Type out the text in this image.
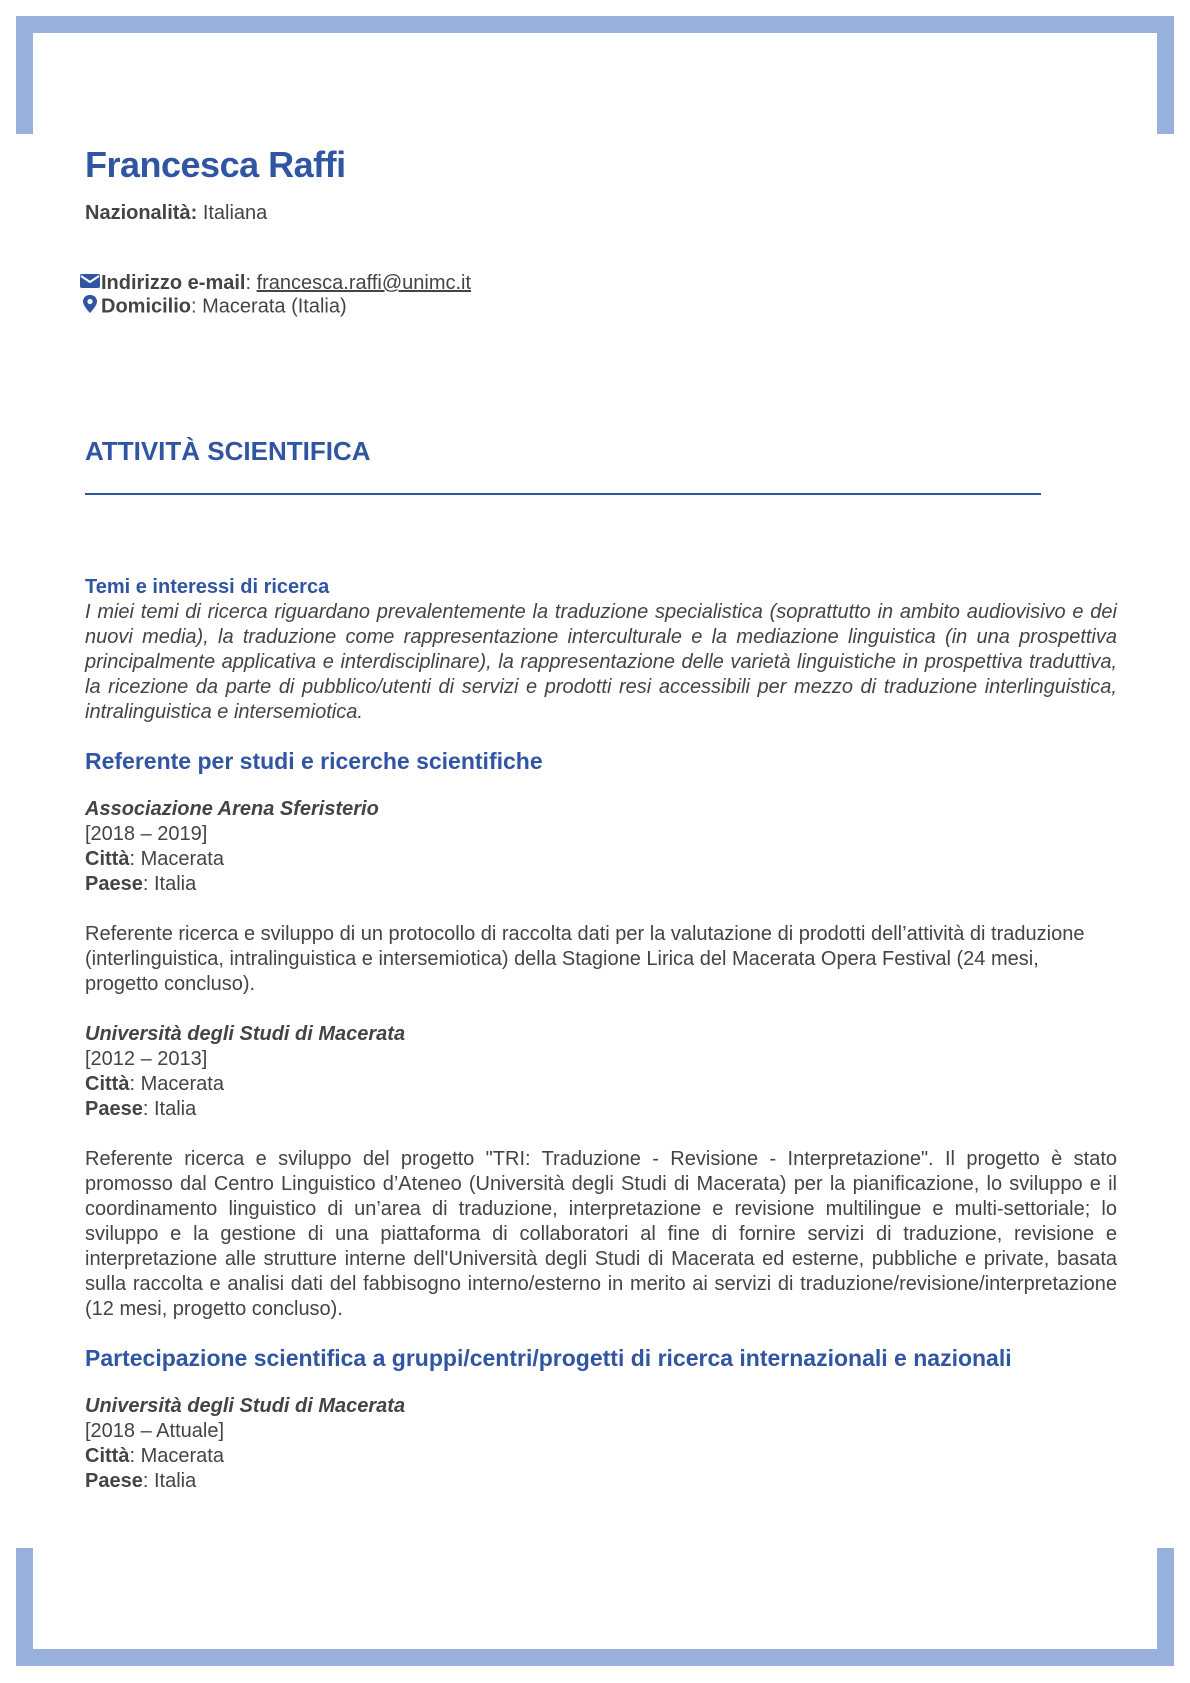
Francesca Raffi

Nazionalità: Italiana

Indirizzo e-mail: francesca.raffi@unimc.it

Domicilio: Macerata (Italia)

ATTIVITÀ SCIENTIFICA

Temi e interessi di ricerca

I miei temi di ricerca riguardano prevalentemente la traduzione specialistica (soprattutto in ambito audiovisivo e dei nuovi media), la traduzione come rappresentazione interculturale e la mediazione linguistica (in una prospettiva principalmente applicativa e interdisciplinare), la rappresentazione delle varietà linguistiche in prospettiva traduttiva, la ricezione da parte di pubblico/utenti di servizi e prodotti resi accessibili per mezzo di traduzione interlinguistica, intralinguistica e intersemiotica.

Referente per studi e ricerche scientifiche

Associazione Arena Sferisterio

[2018 – 2019]

Città: Macerata

Paese: Italia

Referente ricerca e sviluppo di un protocollo di raccolta dati per la valutazione di prodotti dell’attività di traduzione (interlinguistica, intralinguistica e intersemiotica) della Stagione Lirica del Macerata Opera Festival (24 mesi, progetto concluso).

Università degli Studi di Macerata

[2012 – 2013]

Città: Macerata

Paese: Italia

Referente ricerca e sviluppo del progetto "TRI: Traduzione - Revisione - Interpretazione". Il progetto è stato promosso dal Centro Linguistico d’Ateneo (Università degli Studi di Macerata) per la pianificazione, lo sviluppo e il coordinamento linguistico di un’area di traduzione, interpretazione e revisione multilingue e multi-settoriale; lo sviluppo e la gestione di una piattaforma di collaboratori al fine di fornire servizi di traduzione, revisione e interpretazione alle strutture interne dell'Università degli Studi di Macerata ed esterne, pubbliche e private, basata sulla raccolta e analisi dati del fabbisogno interno/esterno in merito ai servizi di traduzione/revisione/interpretazione (12 mesi, progetto concluso).

Partecipazione scientifica a gruppi/centri/progetti di ricerca internazionali e nazionali

Università degli Studi di Macerata

[2018 – Attuale]

Città: Macerata

Paese: Italia
